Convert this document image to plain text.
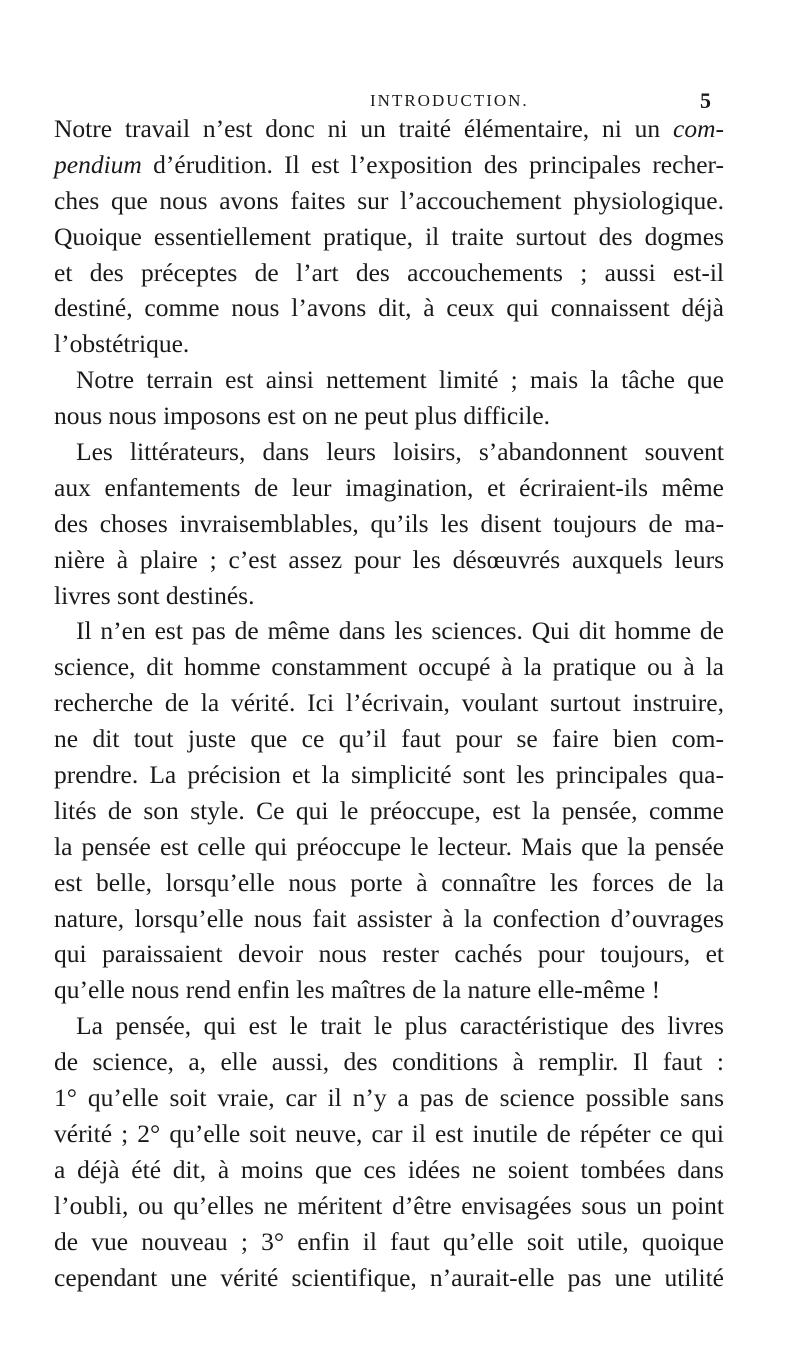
INTRODUCTION.	5
Notre travail n’est donc ni un traité élémentaire, ni un com-
pendium d’érudition. Il est l’exposition des principales recher-
ches que nous avons faites sur l’accouchement physiologique.
Quoique essentiellement pratique, il traite surtout des dogmes
et des préceptes de l’art des accouchements ; aussi est-il
destiné, comme nous l’avons dit, à ceux qui connaissent déjà
l’obstétrique.
Notre terrain est ainsi nettement limité ; mais la tâche que
nous nous imposons est on ne peut plus difficile.
Les littérateurs, dans leurs loisirs, s’abandonnent souvent
aux enfantements de leur imagination, et écriraient-ils même
des choses invraisemblables, qu’ils les disent toujours de ma-
nière à plaire ; c’est assez pour les désœuvrés auxquels leurs
livres sont destinés.
Il n’en est pas de même dans les sciences. Qui dit homme de
science, dit homme constamment occupé à la pratique ou à la
recherche de la vérité. Ici l’écrivain, voulant surtout instruire,
ne dit tout juste que ce qu’il faut pour se faire bien com-
prendre. La précision et la simplicité sont les principales qua-
lités de son style. Ce qui le préoccupe, est la pensée, comme
la pensée est celle qui préoccupe le lecteur. Mais que la pensée
est belle, lorsqu’elle nous porte à connaître les forces de la
nature, lorsqu’elle nous fait assister à la confection d’ouvrages
qui paraissaient devoir nous rester cachés pour toujours, et
qu’elle nous rend enfin les maîtres de la nature elle-même !
La pensée, qui est le trait le plus caractéristique des livres
de science, a, elle aussi, des conditions à remplir. Il faut :
1° qu’elle soit vraie, car il n’y a pas de science possible sans
vérité ; 2° qu’elle soit neuve, car il est inutile de répéter ce qui
a déjà été dit, à moins que ces idées ne soient tombées dans
l’oubli, ou qu’elles ne méritent d’être envisagées sous un point
de vue nouveau ; 3° enfin il faut qu’elle soit utile, quoique
cependant une vérité scientifique, n’aurait-elle pas une utilité
